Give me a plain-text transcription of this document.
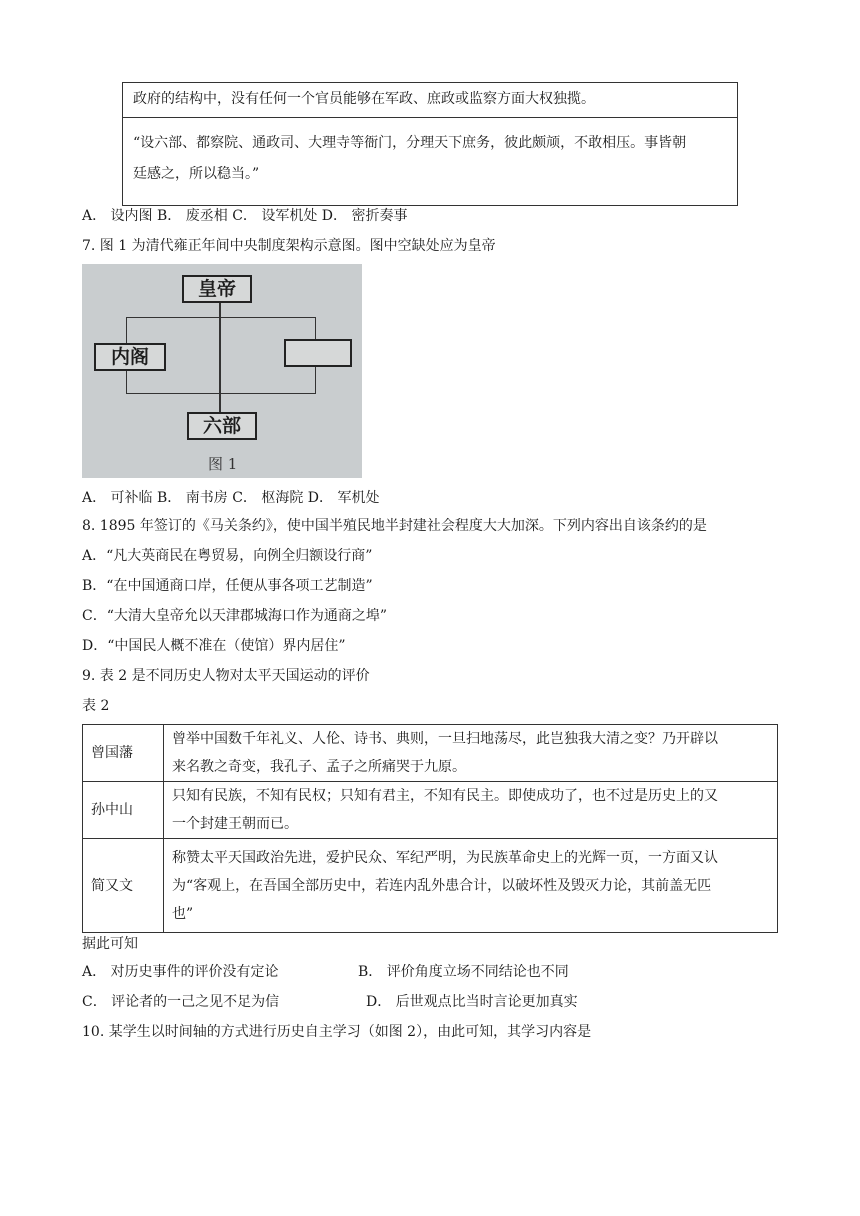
政府的结构中，没有任何一个官员能够在军政、庶政或监察方面大权独揽。
“设六部、都察院、通政司、大理寺等衙门，分理天下庶务，彼此颇颃，不敢相压。事皆朝
廷感之，所以稳当。”
A． 设内图 B． 废丞相 C． 设军机处 D． 密折奏事
7. 图 1 为清代雍正年间中央制度架构示意图。图中空缺处应为皇帝
皇帝
内阁
六部
图 1
A． 可补临 B． 南书房 C． 枢海院 D． 军机处
8. 1895 年签订的《马关条约》，使中国半殖民地半封建社会程度大大加深。下列内容出自该条约的是
A．“凡大英商民在粤贸易，向例全归额设行商”
B．“在中国通商口岸，任便从事各项工艺制造”
C．“大清大皇帝允以天津郡城海口作为通商之埠”
D．“中国民人概不准在（使馆）界内居住”
9. 表 2 是不同历史人物对太平天国运动的评价
表 2
曾国藩	曾举中国数千年礼义、人伦、诗书、典则，一旦扫地荡尽，此岂独我大清之变？乃开辟以
来名教之奇变，我孔子、孟子之所痛哭于九原。

孙中山	只知有民族，不知有民权；只知有君主，不知有民主。即使成功了，也不过是历史上的又
一个封建王朝而已。

简又文	称赞太平天国政治先进，爱护民众、军纪严明，为民族革命史上的光辉一页，一方面又认
为“客观上，在吾国全部历史中，若连内乱外患合计，以破坏性及毁灭力论，其前盖无匹
也”
据此可知
A． 对历史事件的评价没有定论	B． 评价角度立场不同结论也不同
C． 评论者的一己之见不足为信	D． 后世观点比当时言论更加真实
10. 某学生以时间轴的方式进行历史自主学习（如图 2），由此可知，其学习内容是
